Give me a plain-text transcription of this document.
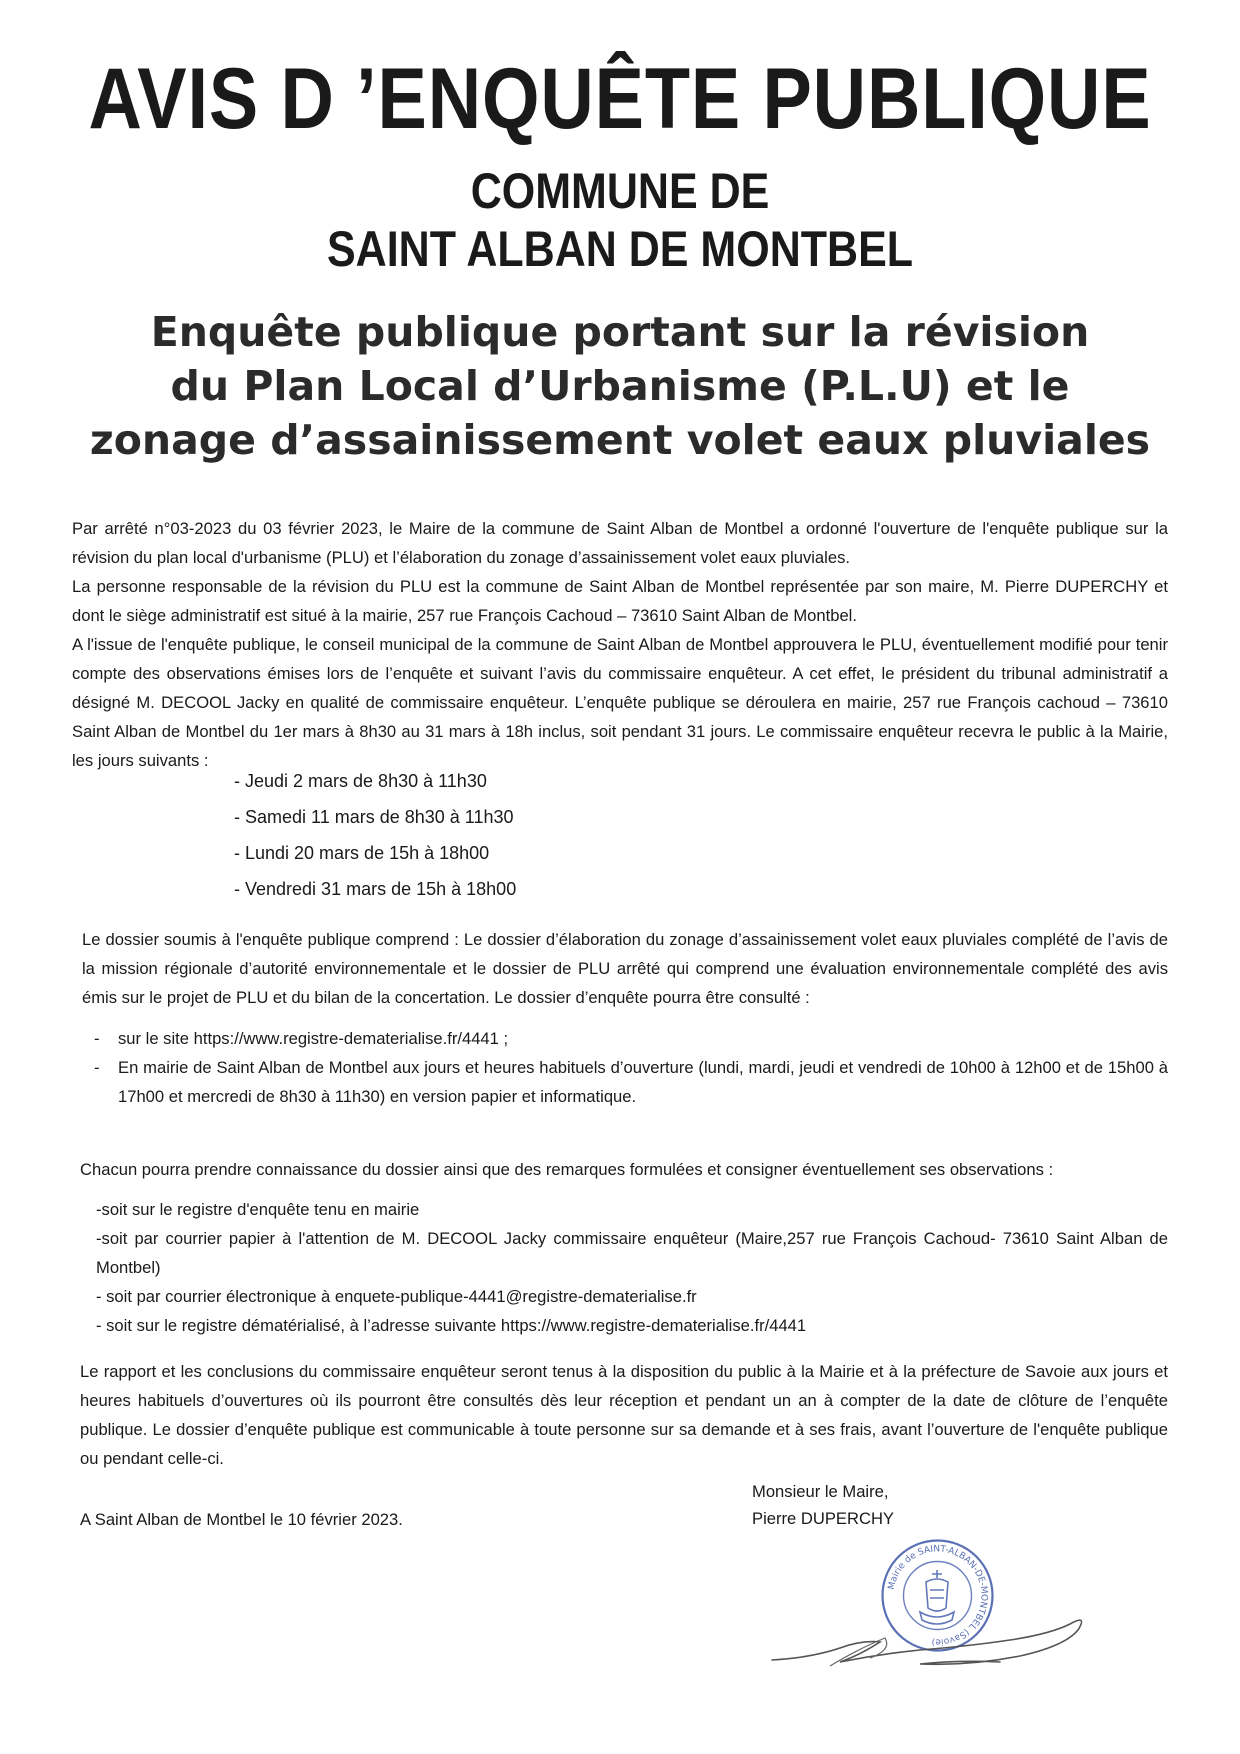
AVIS D ’ENQUÊTE PUBLIQUE
COMMUNE DE
SAINT ALBAN DE MONTBEL
Enquête publique portant sur la révision
du Plan Local d’Urbanisme (P.L.U) et le
zonage d’assainissement volet eaux pluviales

Par arrêté n°03-2023 du 03 février 2023, le Maire de la commune de Saint Alban de Montbel a ordonné l'ouverture de l'enquête publique sur la révision du plan local d'urbanisme (PLU) et l’élaboration du zonage d’assainissement volet eaux pluviales.

La personne responsable de la révision du PLU est la commune de Saint Alban de Montbel représentée par son maire, M. Pierre DUPERCHY et dont le siège administratif est situé à la mairie, 257 rue François Cachoud – 73610 Saint Alban de Montbel.

A l'issue de l'enquête publique, le conseil municipal de la commune de Saint Alban de Montbel approuvera le PLU, éventuellement modifié pour tenir compte des observations émises lors de l’enquête et suivant l’avis du commissaire enquêteur. A cet effet, le président du tribunal administratif a désigné M. DECOOL Jacky en qualité de commissaire enquêteur. L’enquête publique se déroulera en mairie, 257 rue François cachoud – 73610 Saint Alban de Montbel du 1er mars à 8h30 au 31 mars à 18h inclus, soit pendant 31 jours. Le commissaire enquêteur recevra le public à la Mairie, les jours suivants :

- Jeudi 2 mars de 8h30 à 11h30
- Samedi 11 mars de 8h30 à 11h30
- Lundi 20 mars de 15h à 18h00
- Vendredi 31 mars de 15h à 18h00
Le dossier soumis à l'enquête publique comprend : Le dossier d’élaboration du zonage d’assainissement volet eaux pluviales complété de l’avis de la mission régionale d’autorité environnementale et le dossier de PLU arrêté qui comprend une évaluation environnementale complété des avis émis sur le projet de PLU et du bilan de la concertation. Le dossier d’enquête pourra être consulté :
- sur le site https://www.registre-dematerialise.fr/4441 ;
- En mairie de Saint Alban de Montbel aux jours et heures habituels d’ouverture (lundi, mardi, jeudi et vendredi de 10h00 à 12h00 et de 15h00 à 17h00 et mercredi de 8h30 à 11h30) en version papier et informatique.
Chacun pourra prendre connaissance du dossier ainsi que des remarques formulées et consigner éventuellement ses observations :
-soit sur le registre d'enquête tenu en mairie
-soit par courrier papier à l'attention de M. DECOOL Jacky commissaire enquêteur (Maire,257 rue François Cachoud- 73610 Saint Alban de Montbel)
- soit par courrier électronique à enquete-publique-4441@registre-dematerialise.fr
- soit sur le registre dématérialisé, à l’adresse suivante https://www.registre-dematerialise.fr/4441
Le rapport et les conclusions du commissaire enquêteur seront tenus à la disposition du public à la Mairie et à la préfecture de Savoie aux jours et heures habituels d’ouvertures où ils pourront être consultés dès leur réception et pendant un an à compter de la date de clôture de l’enquête publique. Le dossier d’enquête publique est communicable à toute personne sur sa demande et à ses frais, avant l’ouverture de l'enquête publique ou pendant celle-ci.
A Saint Alban de Montbel le 10 février 2023.
Monsieur le Maire,
Pierre DUPERCHY
Mairie de SAINT-ALBAN-DE-MONTBEL (Savoie)
